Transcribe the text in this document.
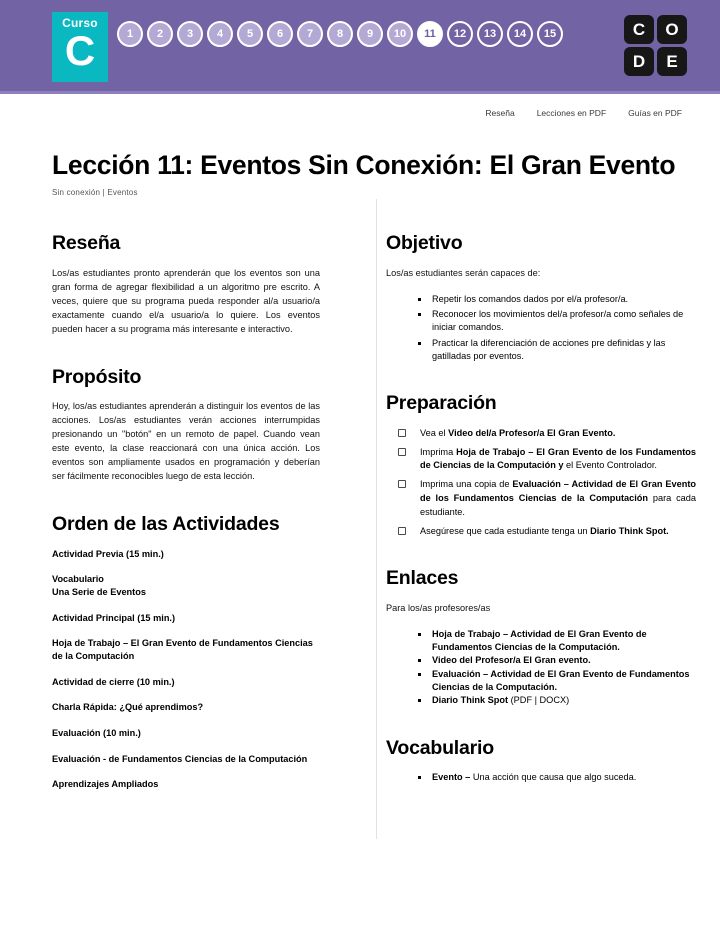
Curso
C	1	2	3	4	5	6	7	8	9	10	11	12	13	14	15	C	O
D	E
Reseña	Lecciones en PDF	Guías en PDF
Lección 11: Eventos Sin Conexión: El Gran Evento
Sin conexión | Eventos
Reseña

Los/as estudiantes pronto aprenderán que los eventos son una gran forma de agregar flexibilidad a un algoritmo pre escrito. A veces, quiere que su programa pueda responder al/a usuario/a exactamente cuando el/a usuario/a lo quiere. Los eventos pueden hacer a su programa más interesante e interactivo.

Propósito

Hoy, los/as estudiantes aprenderán a distinguir los eventos de las acciones. Los/as estudiantes verán acciones interrumpidas presionando un "botón" en un remoto de papel. Cuando vean este evento, la clase reaccionará con una única acción. Los eventos son ampliamente usados en programación y deberían ser fácilmente reconocibles luego de esta lección.

Orden de las Actividades
Actividad Previa (15 min.)
Vocabulario
Una Serie de Eventos
Actividad Principal (15 min.)
Hoja de Trabajo – El Gran Evento de Fundamentos Ciencias de la Computación
Actividad de cierre (10 min.)
Charla Rápida: ¿Qué aprendimos?
Evaluación (10 min.)
Evaluación - de Fundamentos Ciencias de la Computación
Aprendizajes Ampliados
Objetivo

Los/as estudiantes serán capaces de:

Repetir los comandos dados por el/a profesor/a.
Reconocer los movimientos del/a profesor/a como señales de iniciar comandos.
Practicar la diferenciación de acciones pre definidas y las gatilladas por eventos.
Preparación
Vea el Video del/a Profesor/a El Gran Evento.
Imprima Hoja de Trabajo – El Gran Evento de los Fundamentos de Ciencias de la Computación y el Evento Controlador.
Imprima una copia de Evaluación – Actividad de El Gran Evento de los Fundamentos Ciencias de la Computación para cada estudiante.
Asegúrese que cada estudiante tenga un Diario Think Spot.
Enlaces

Para los/as profesores/as

Hoja de Trabajo – Actividad de El Gran Evento de Fundamentos Ciencias de la Computación.
Video del Profesor/a El Gran evento.
Evaluación – Actividad de El Gran Evento de Fundamentos Ciencias de la Computación.
Diario Think Spot (PDF | DOCX)
Vocabulario
Evento – Una acción que causa que algo suceda.
